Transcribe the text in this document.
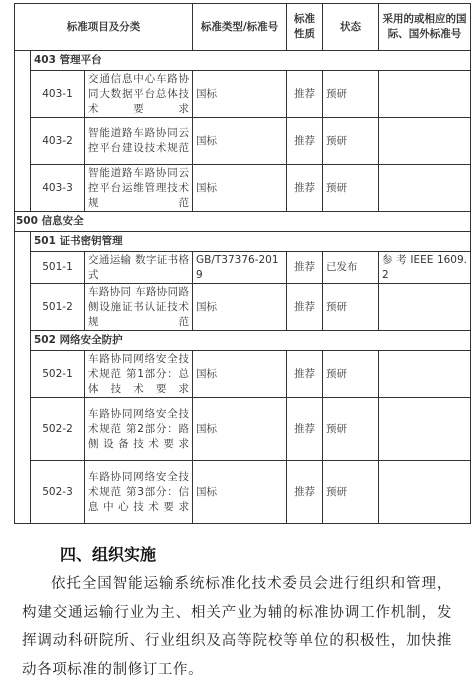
标准项目及分类			标准类型/标准号	标准性质	状态	采用的或相应的国际、国外标准号
	403 管理平台					
	403-1	交通信息中心车路协同大数据平台总体技术要求	国标	推荐	预研	
	403-2	智能道路车路协同云控平台建设技术规范	国标	推荐	预研	
	403-3	智能道路车路协同云控平台运维管理技术规范	国标	推荐	预研	
500 信息安全						
	501 证书密钥管理					
	501-1	交通运输 数字证书格式	GB/T37376-2019	推荐	已发布	参 考 IEEE 1609.2
	501-2	车路协同 车路协同路侧设施证书认证技术规范	国标	推荐	预研	
	502 网络安全防护					
	502-1	车路协同网络安全技术规范 第1部分：总体技术要求	国标	推荐	预研	
	502-2	车路协同网络安全技术规范 第2部分：路侧设备技术要求	国标	推荐	预研	
	502-3	车路协同网络安全技术规范 第3部分：信息中心技术要求	国标	推荐	预研	
四、组织实施
依托全国智能运输系统标准化技术委员会进行组织和管理，构建交通运输行业为主、相关产业为辅的标准协调工作机制，发挥调动科研院所、行业组织及高等院校等单位的积极性，加快推动各项标准的制修订工作。
